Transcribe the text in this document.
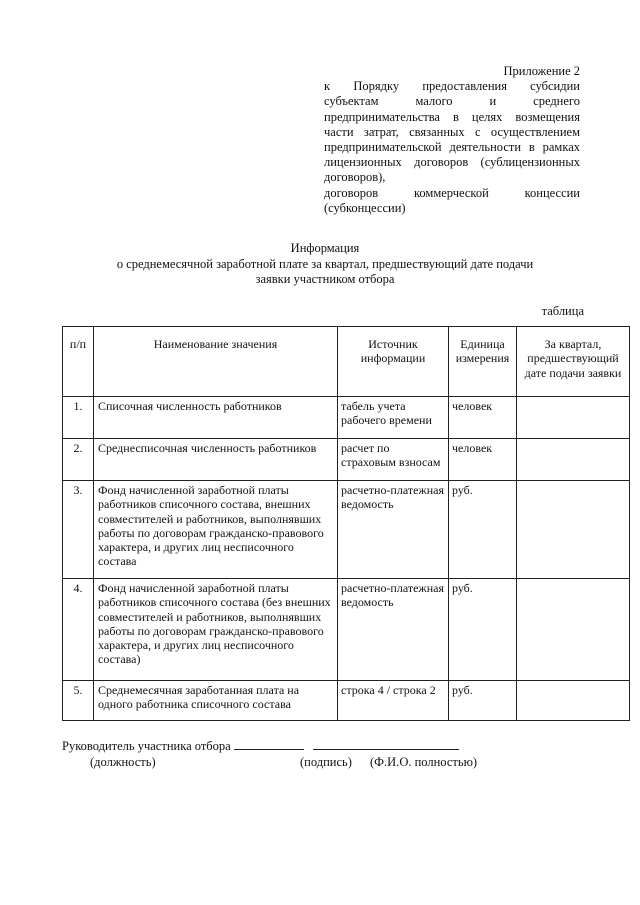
Приложение 2
к Порядку предоставления субсидии
субъектам малого и среднего
предпринимательства в целях возмещения
части затрат, связанных с осуществлением
предпринимательской деятельности в рамках
лицензионных договоров (сублицензионных
договоров),
договоров коммерческой концессии
(субконцессии)
Информация
о среднемесячной заработной плате за квартал, предшествующий дате подачи
заявки участником отбора
таблица
п/п	Наименование значения	Источник информации	Единица измерения	За квартал, предшествующий дате подачи заявки
1.	Списочная численность работников	табель учета рабочего времени	человек	
2.	Среднесписочная численность работников	расчет по страховым взносам	человек	
3.	Фонд начисленной заработной платы работников списочного состава, внешних совместителей и работников, выполнявших работы по договорам гражданско-правового характера, и других лиц несписочного состава	расчетно-платежная ведомость	руб.	
4.	Фонд начисленной заработной платы работников списочного состава (без внешних совместителей и работников, выполнявших работы по договорам гражданско-правового характера, и других лиц несписочного состава)	расчетно-платежная ведомость	руб.	
5.	Среднемесячная заработанная плата на одного работника списочного состава	строка 4 / строка 2	руб.	
Руководитель участника отбора
(должность)	(подпись)	(Ф.И.О. полностью)
